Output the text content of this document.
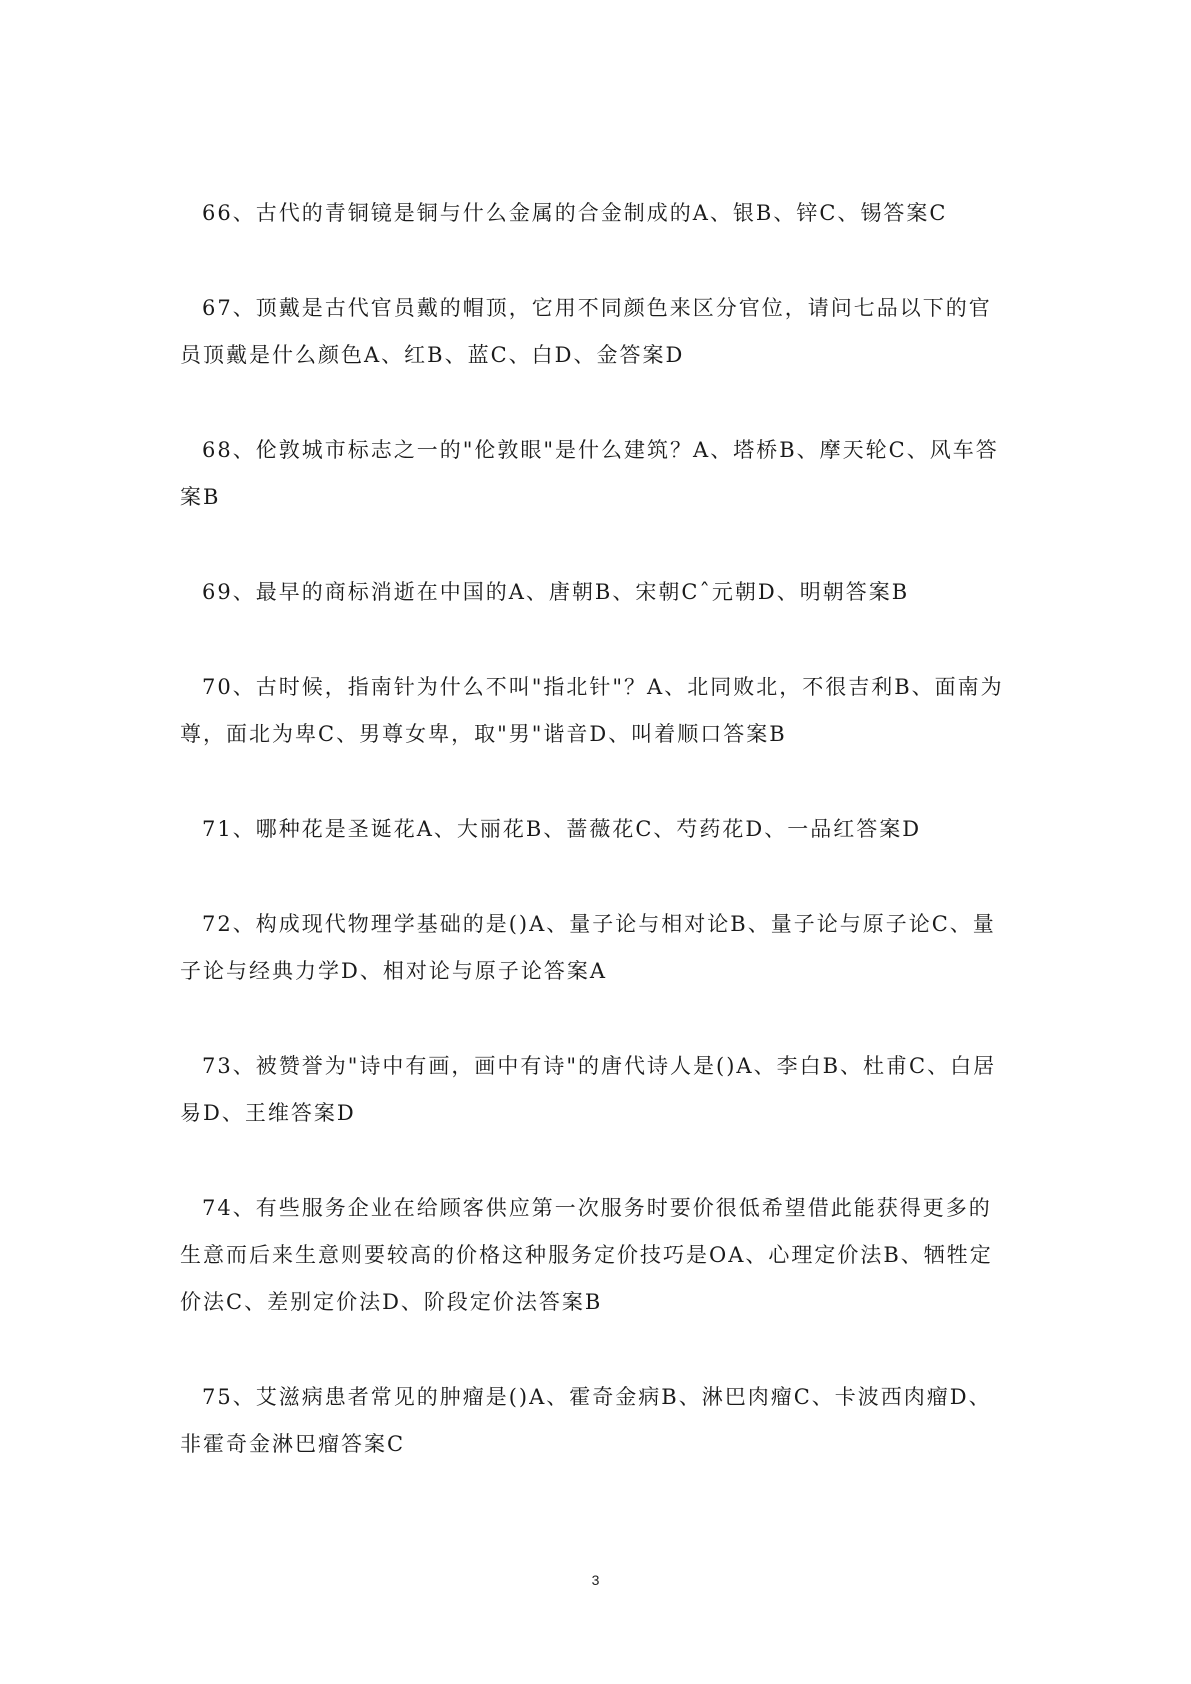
66、古代的青铜镜是铜与什么金属的合金制成的A、银B、锌C、锡答案C

67、顶戴是古代官员戴的帽顶，它用不同颜色来区分官位，请问七品以下的官员顶戴是什么颜色A、红B、蓝C、白D、金答案D

68、伦敦城市标志之一的"伦敦眼"是什么建筑？A、塔桥B、摩天轮C、风车答案B

69、最早的商标消逝在中国的A、唐朝B、宋朝Cˆ元朝D、明朝答案B

70、古时候，指南针为什么不叫"指北针"？A、北同败北，不很吉利B、面南为尊，面北为卑C、男尊女卑，取"男"谐音D、叫着顺口答案B

71、哪种花是圣诞花A、大丽花B、蔷薇花C、芍药花D、一品红答案D

72、构成现代物理学基础的是()A、量子论与相对论B、量子论与原子论C、量子论与经典力学D、相对论与原子论答案A

73、被赞誉为"诗中有画，画中有诗"的唐代诗人是()A、李白B、杜甫C、白居易D、王维答案D

74、有些服务企业在给顾客供应第一次服务时要价很低希望借此能获得更多的生意而后来生意则要较高的价格这种服务定价技巧是OA、心理定价法B、牺牲定价法C、差别定价法D、阶段定价法答案B

75、艾滋病患者常见的肿瘤是()A、霍奇金病B、淋巴肉瘤C、卡波西肉瘤D、非霍奇金淋巴瘤答案C

3
